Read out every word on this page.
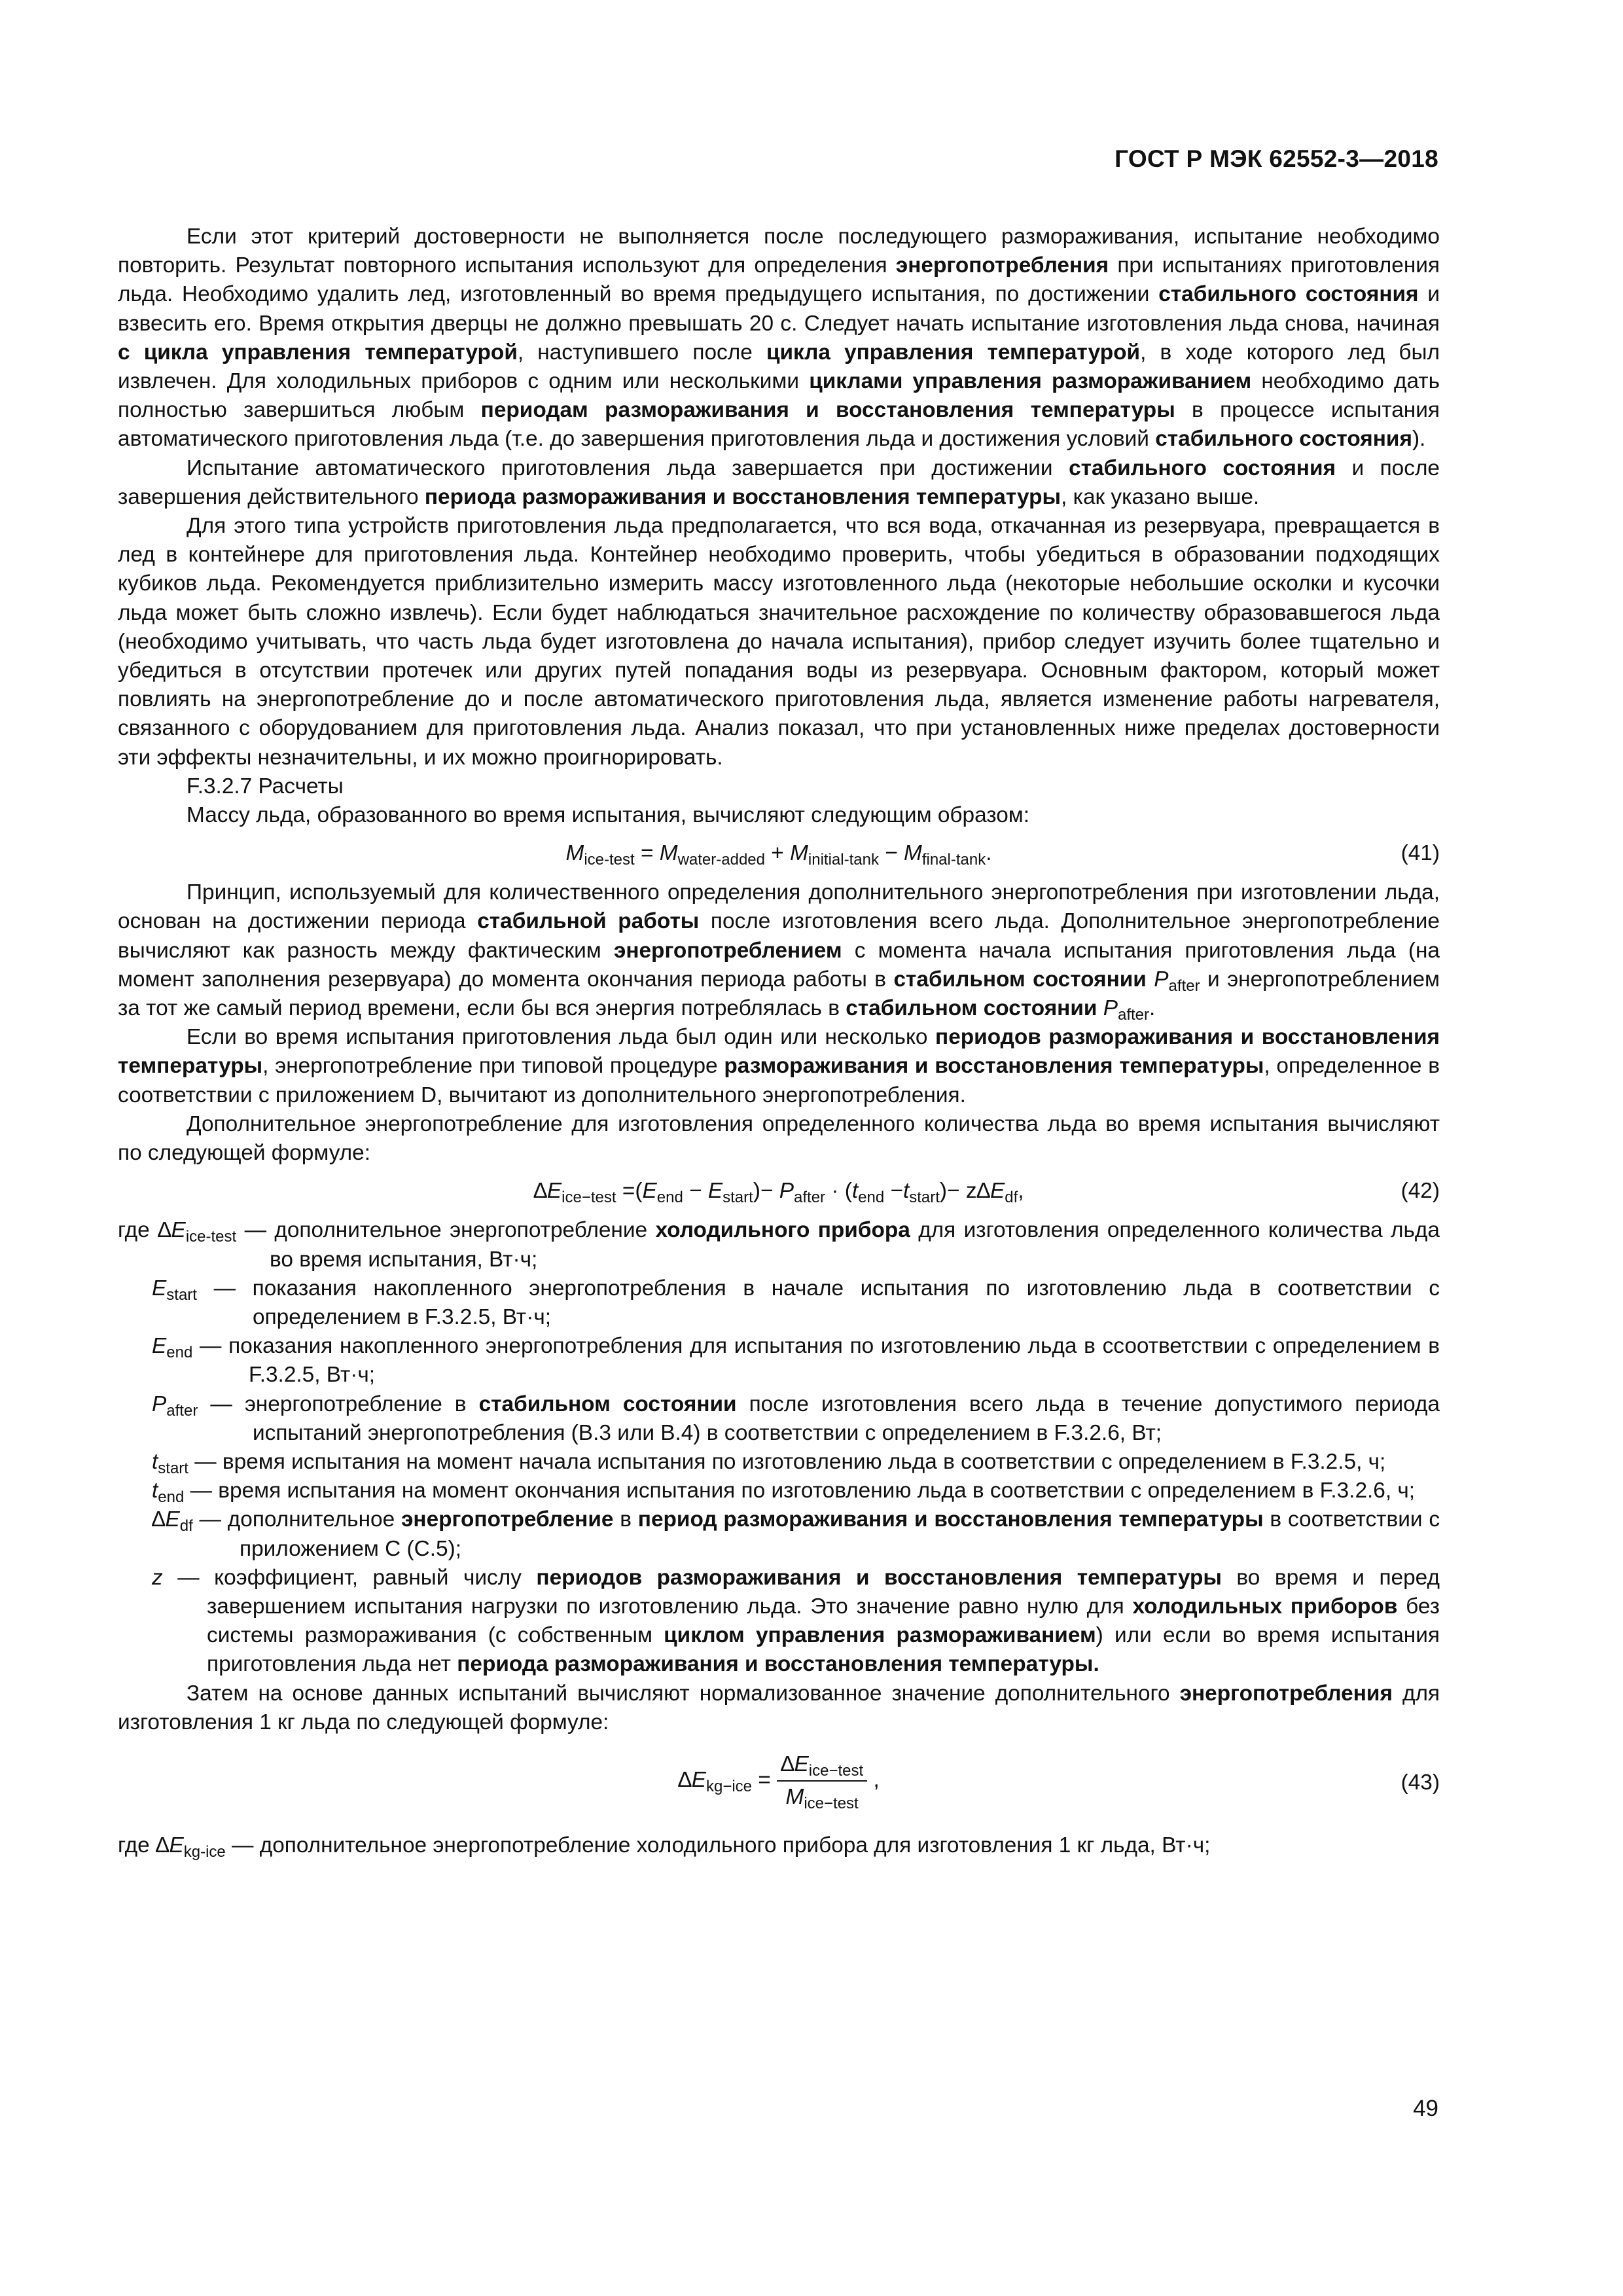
ГОСТ Р МЭК 62552-3—2018

Если этот критерий достоверности не выполняется после последующего размораживания, испытание необходимо повторить. Результат повторного испытания используют для определения энергопотребления при испытаниях приготовления льда. Необходимо удалить лед, изготовленный во время предыдущего испытания, по достижении стабильного состояния и взвесить его. Время открытия дверцы не должно превышать 20 с. Следует начать испытание изготовления льда снова, начиная с цикла управления температурой, наступившего после цикла управления температурой, в ходе которого лед был извлечен. Для холодильных приборов с одним или несколькими циклами управления размораживанием необходимо дать полностью завершиться любым периодам размораживания и восстановления температуры в процессе испытания автоматического приготовления льда (т.е. до завершения приготовления льда и достижения условий стабильного состояния).

Испытание автоматического приготовления льда завершается при достижении стабильного состояния и после завершения действительного периода размораживания и восстановления температуры, как указано выше.

Для этого типа устройств приготовления льда предполагается, что вся вода, откачанная из резервуара, превращается в лед в контейнере для приготовления льда. Контейнер необходимо проверить, чтобы убедиться в образовании подходящих кубиков льда. Рекомендуется приблизительно измерить массу изготовленного льда (некоторые небольшие осколки и кусочки льда может быть сложно извлечь). Если будет наблюдаться значительное расхождение по количеству образовавшегося льда (необходимо учитывать, что часть льда будет изготовлена до начала испытания), прибор следует изучить более тщательно и убедиться в отсутствии протечек или других путей попадания воды из резервуара. Основным фактором, который может повлиять на энергопотребление до и после автоматического приготовления льда, является изменение работы нагревателя, связанного с оборудованием для приготовления льда. Анализ показал, что при установленных ниже пределах достоверности эти эффекты незначительны, и их можно проигнорировать.

F.3.2.7 Расчеты

Массу льда, образованного во время испытания, вычисляют следующим образом:

$M_{ice-test} = M_{water-added} + M_{initial-tank} - M_{final-tank}$.	(41)

Принцип, используемый для количественного определения дополнительного энергопотребления при изготовлении льда, основан на достижении периода стабильной работы после изготовления всего льда. Дополнительное энергопотребление вычисляют как разность между фактическим энергопотреблением с момента начала испытания приготовления льда (на момент заполнения резервуара) до момента окончания периода работы в стабильном состоянии $P_{after}$ и энергопотреблением за тот же самый период времени, если бы вся энергия потреблялась в стабильном состоянии $P_{after}$.

Если во время испытания приготовления льда был один или несколько периодов размораживания и восстановления температуры, энергопотребление при типовой процедуре размораживания и восстановления температуры, определенное в соответствии с приложением D, вычитают из дополнительного энергопотребления.

Дополнительное энергопотребление для изготовления определенного количества льда во время испытания вычисляют по следующей формуле:

$\Delta E_{ice-test} =(E_{end} - E_{start})- P_{after} \cdot (t_{end} -t_{start})- z\Delta E_{df}$,	(42)

где $\Delta E_{ice-test}$ — дополнительное энергопотребление холодильного прибора для изготовления определенного количества льда во время испытания, Вт·ч;

$E_{start}$ — показания накопленного энергопотребления в начале испытания по изготовлению льда в соответствии с определением в F.3.2.5, Вт·ч;

$E_{end}$ — показания накопленного энергопотребления для испытания по изготовлению льда в ссоответствии с определением в F.3.2.5, Вт·ч;

$P_{after}$ — энергопотребление в стабильном состоянии после изготовления всего льда в течение допустимого периода испытаний энергопотребления (B.3 или B.4) в соответствии с определением в F.3.2.6, Вт;

$t_{start}$ — время испытания на момент начала испытания по изготовлению льда в соответствии с определением в F.3.2.5, ч;

$t_{end}$ — время испытания на момент окончания испытания по изготовлению льда в соответствии с определением в F.3.2.6, ч;

$\Delta E_{df}$ — дополнительное энергопотребление в период размораживания и восстановления температуры в соответствии с приложением C (C.5);

z — коэффициент, равный числу периодов размораживания и восстановления температуры во время и перед завершением испытания нагрузки по изготовлению льда. Это значение равно нулю для холодильных приборов без системы размораживания (с собственным циклом управления размораживанием) или если во время испытания приготовления льда нет периода размораживания и восстановления температуры.

Затем на основе данных испытаний вычисляют нормализованное значение дополнительного энергопотребления для изготовления 1 кг льда по следующей формуле:

$\Delta E_{kg-ice} = \frac{\Delta E_{ice-test}}{M_{ice-test}}$ ,	(43)

где $\Delta E_{kg-ice}$ — дополнительное энергопотребление холодильного прибора для изготовления 1 кг льда, Вт·ч;

49
